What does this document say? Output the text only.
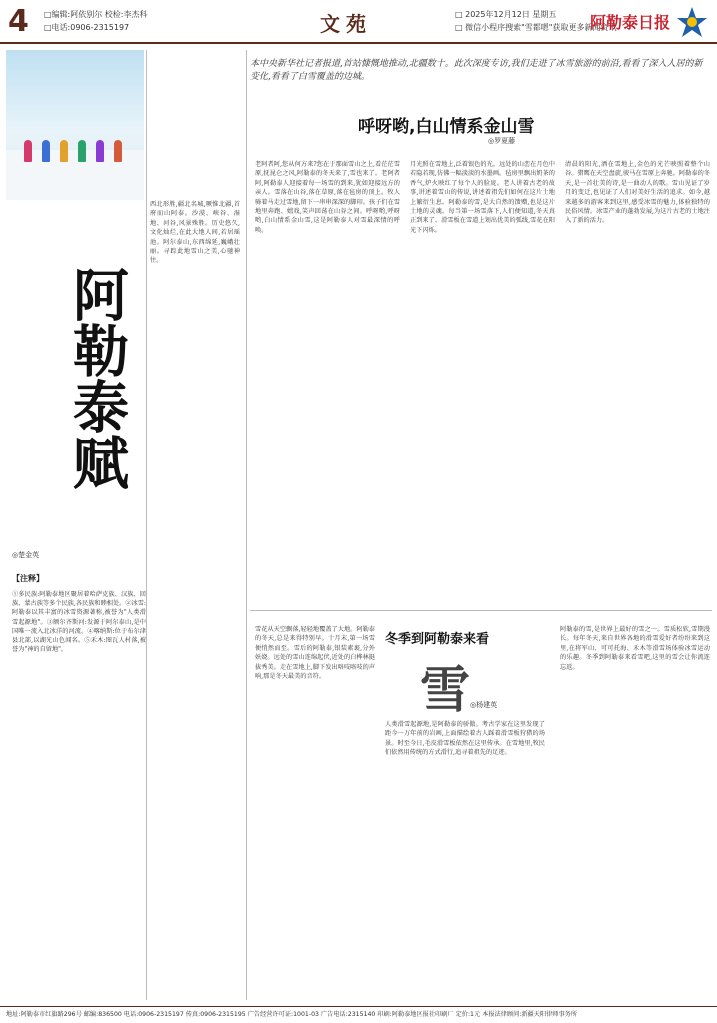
4 □编辑:阿依别尔 校检:李杰科
□电话:0906-2315197	文苑	□ 2025年12月12日 星期五
□ 微信小程序搜索"雪都嗯"获取更多新闻资讯
阿勒泰日报
阿勒泰赋
◎楚金英
【注释】
①多民族:阿勒泰地区聚居着哈萨克族、汉族、回族、蒙古族等多个民族,各民族和睦相处。②冰雪:阿勒泰以其丰富的冰雪资源著称,被誉为"人类滑雪起源地"。③额尔齐斯河:发源于阿尔泰山,是中国唯一流入北冰洋的河流。④喀纳斯:位于布尔津县北部,以湖光山色闻名。⑤禾木:图瓦人村落,被誉为"神的自留地"。
西北形胜,疆北名城,厥惟北疆,首府而山阿泰。沙漠、峡谷、湿地、河谷,风景殊胜。历史悠久,文化灿烂,在此大地人间,若居瑶池。阿尔泰山,东西绵延,巍峨壮丽。寻踪此地雪山之美,心驰神往。
本中央新华社记者报道,首站慷慨地推动,北疆数十。此次深度专访,我们走进了冰雪旅游的前沿,看看了深入人居的新变化,看看了白雪覆盖的边城。
呼呀哟,白山情系金山雪
◎罗夏藤
老阿者阿,您从何方来?您在于那面雪山之上,看茫茫雪原,抚昆仑之风,阿勒泰的冬天来了,雪也来了。老阿者阿,阿勒泰人迎接着每一场雪的到来,犹如迎接远方的亲人。雪落在山谷,落在草原,落在毡房的顶上。牧人骑着马走过雪地,留下一串串深深的脚印。孩子们在雪地里奔跑、嬉戏,笑声回荡在山谷之间。呼呀哟,呼呀哟,白山情系金山雪,这是阿勒泰人对雪最深情的呼唤。
月光照在雪地上,泛着银色的光。远处的山峦在月色中若隐若现,仿佛一幅淡淡的水墨画。毡房里飘出奶茶的香气,炉火映红了每个人的脸庞。老人讲着古老的故事,讲述着雪山的传说,讲述着祖先们如何在这片土地上繁衍生息。阿勒泰的雪,是大自然的馈赠,也是这片土地的灵魂。每当第一场雪落下,人们便知道,冬天真正到来了。滑雪板在雪道上划出优美的弧线,雪花在阳光下闪烁。
清晨的阳光,洒在雪地上,金色的光芒映照着整个山谷。猎鹰在天空盘旋,骏马在雪原上奔驰。阿勒泰的冬天,是一首壮美的诗,是一曲动人的歌。雪山见证了岁月的变迁,也见证了人们对美好生活的追求。如今,越来越多的游客来到这里,感受冰雪的魅力,体验独特的民俗风情。冰雪产业的蓬勃发展,为这片古老的土地注入了新的活力。
冬季到阿勒泰来看
雪 ◎杨建英
雪花从天空飘落,轻轻地覆盖了大地。阿勒泰的冬天,总是来得特别早。十月末,第一场雪便悄然而至。雪后的阿勒泰,银装素裹,分外妖娆。远处的雪山连绵起伏,近处的白桦林挺拔秀美。走在雪地上,脚下发出咯吱咯吱的声响,那是冬天最美的音符。
人类滑雪起源地,是阿勒泰的骄傲。考古学家在这里发现了距今一万年前的岩画,上面描绘着古人踩着滑雪板狩猎的场景。时至今日,毛皮滑雪板依然在这里传承。在雪地里,牧民们依然用传统的方式滑行,追寻着祖先的足迹。
阿勒泰的雪,是世界上最好的雪之一。雪质松软,雪期漫长。每年冬天,来自世界各地的滑雪爱好者纷纷来到这里,在将军山、可可托海、禾木等滑雪场体验冰雪运动的乐趣。冬季到阿勒泰来看雪吧,这里的雪会让你流连忘返。
地址:阿勒泰市红旗路296号 邮编:836500 电话:0906-2315197 传真:0906-2315195 广告经营许可证:1001-03 广告电话:2315140 印刷:阿勒泰地区报社印刷厂 定价:1元 本报法律顾问:新疆天阳律师事务所
